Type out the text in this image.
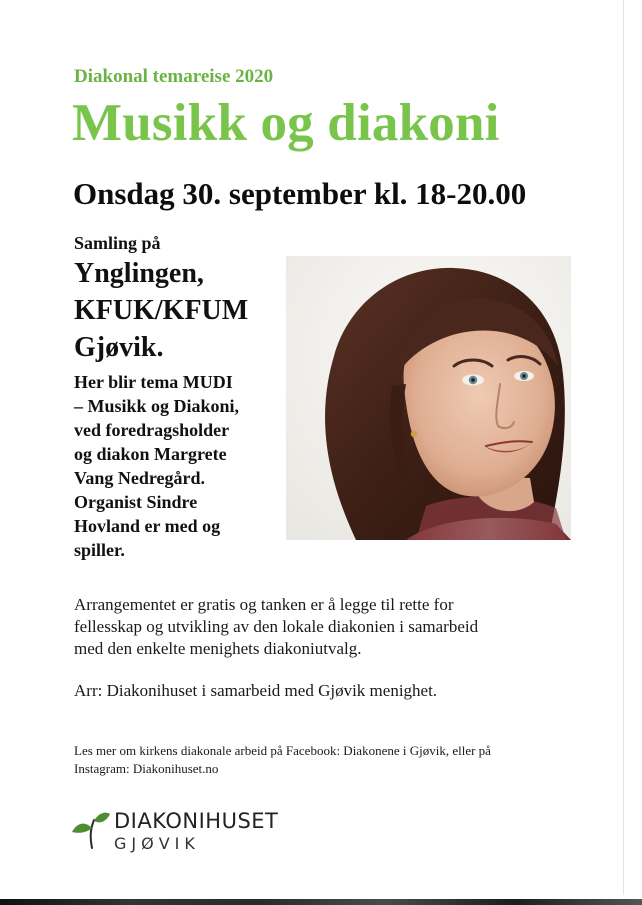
Diakonal temareise 2020
Musikk og diakoni
Onsdag 30. september kl. 18-20.00
Samling på
Ynglingen,
KFUK/KFUM
Gjøvik.
Her blir tema MUDI
– Musikk og Diakoni,
ved foredragsholder
og diakon Margrete
Vang Nedregård.
Organist Sindre
Hovland er med og
spiller.
Arrangementet er gratis og tanken er å legge til rette for
fellesskap og utvikling av den lokale diakonien i samarbeid
med den enkelte menighets diakoniutvalg.
Arr: Diakonihuset i samarbeid med Gjøvik menighet.
Les mer om kirkens diakonale arbeid på Facebook: Diakonene i Gjøvik, eller på
Instagram: Diakonihuset.no
DIAKONIHUSET
GJØVIK
